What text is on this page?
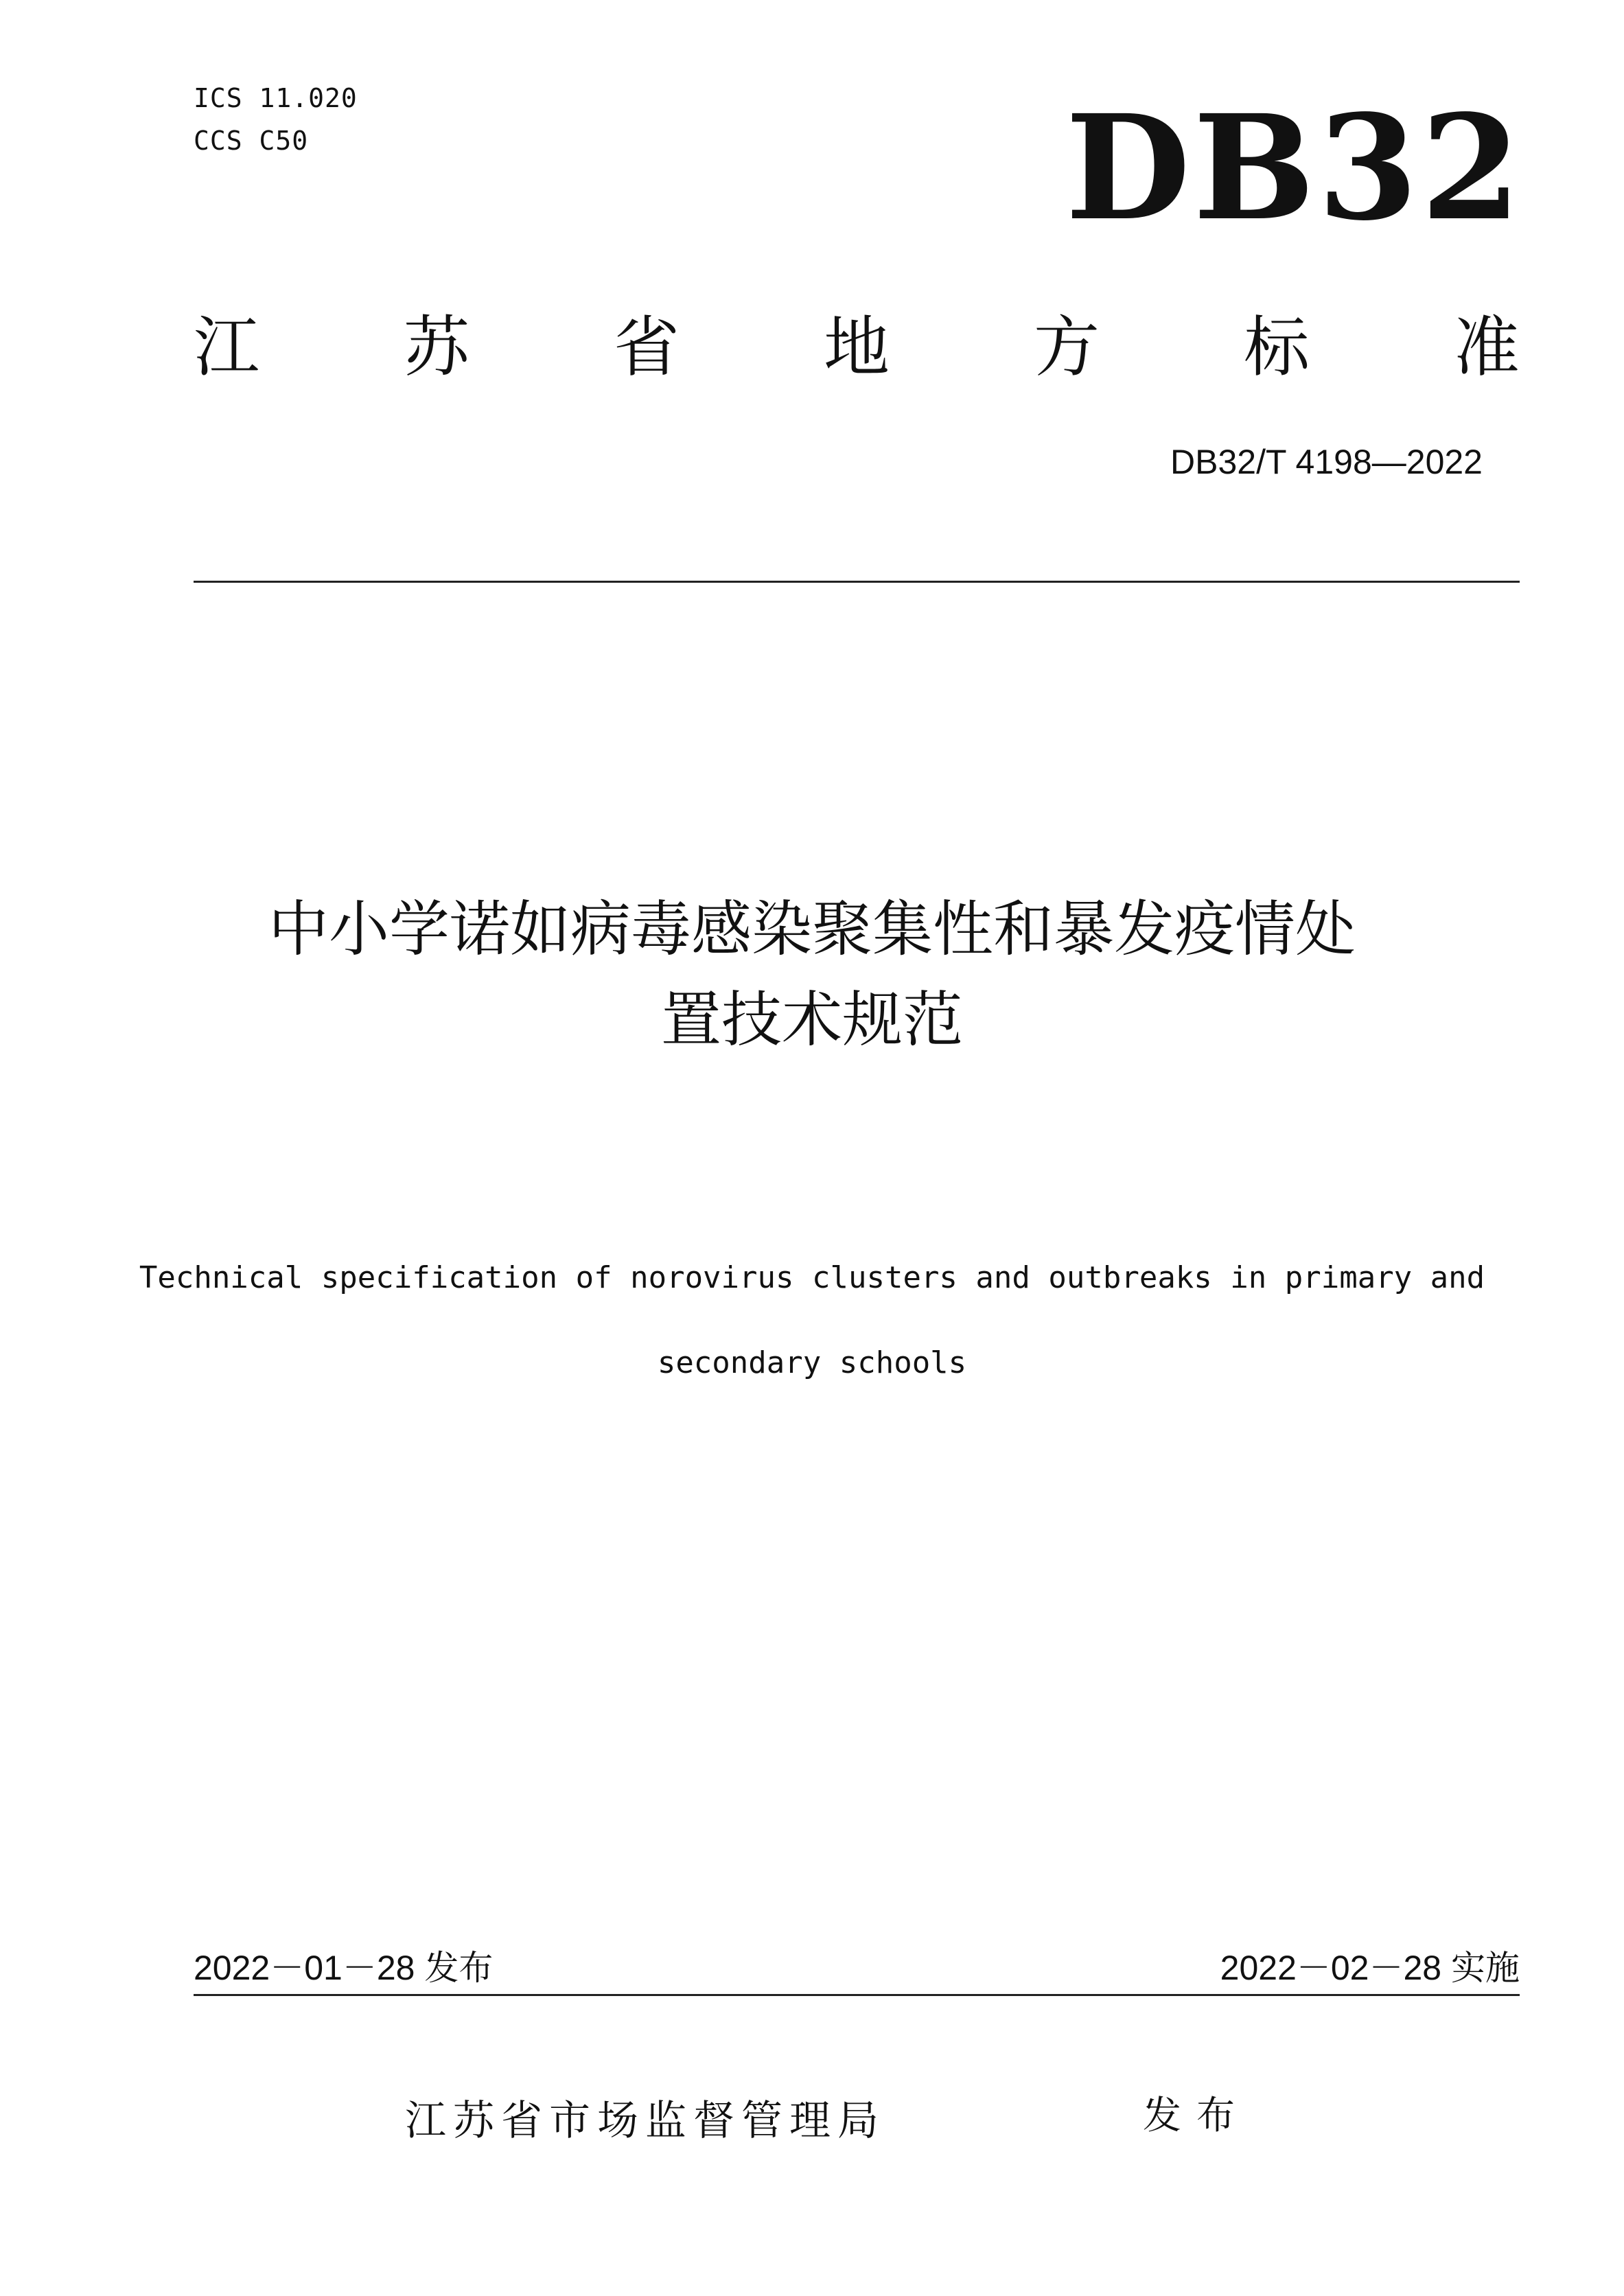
ICS 11.020
CCS C50	DB32
江 苏 省 地 方 标 准
DB32/T 4198—2022
中小学诺如病毒感染聚集性和暴发疫情处
置技术规范
Technical specification of norovirus clusters and outbreaks in primary and
secondary schools
2022－01－28 发布	2022－02－28 实施
江苏省市场监督管理局	发布
